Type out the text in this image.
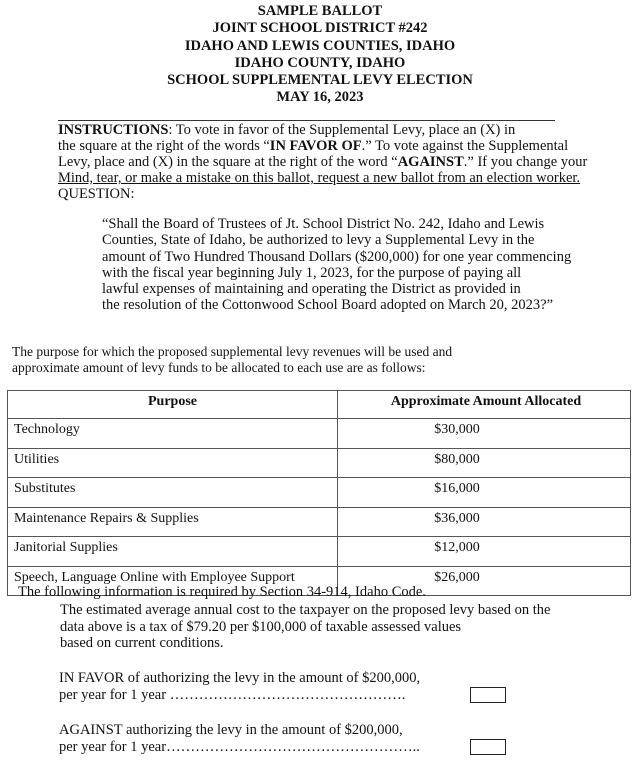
SAMPLE BALLOT
JOINT SCHOOL DISTRICT #242
IDAHO AND LEWIS COUNTIES, IDAHO
IDAHO COUNTY, IDAHO
SCHOOL SUPPLEMENTAL LEVY ELECTION
MAY 16, 2023
INSTRUCTIONS: To vote in favor of the Supplemental Levy, place an (X) in
the square at the right of the words “IN FAVOR OF.” To vote against the Supplemental
Levy, place and (X) in the square at the right of the word “AGAINST.” If you change your
Mind, tear, or make a mistake on this ballot, request a new ballot from an election worker.
QUESTION:
“Shall the Board of Trustees of Jt. School District No. 242, Idaho and Lewis
Counties, State of Idaho, be authorized to levy a Supplemental Levy in the
amount of Two Hundred Thousand Dollars ($200,000) for one year commencing
with the fiscal year beginning July 1, 2023, for the purpose of paying all
lawful expenses of maintaining and operating the District as provided in
the resolution of the Cottonwood School Board adopted on March 20, 2023?”
The purpose for which the proposed supplemental levy revenues will be used and
approximate amount of levy funds to be allocated to each use are as follows:
Purpose	Approximate Amount Allocated
Technology	$30,000
Utilities	$80,000
Substitutes	$16,000
Maintenance Repairs & Supplies	$36,000
Janitorial Supplies	$12,000
Speech, Language Online with Employee Support	$26,000
The following information is required by Section 34-914, Idaho Code.
The estimated average annual cost to the taxpayer on the proposed levy based on the
data above is a tax of $79.20 per $100,000 of taxable assessed values
based on current conditions.
IN FAVOR of authorizing the levy in the amount of $200,000,
per year for 1 year ………………………………………….
AGAINST authorizing the levy in the amount of $200,000,
per year for 1 year……………………………………………..
